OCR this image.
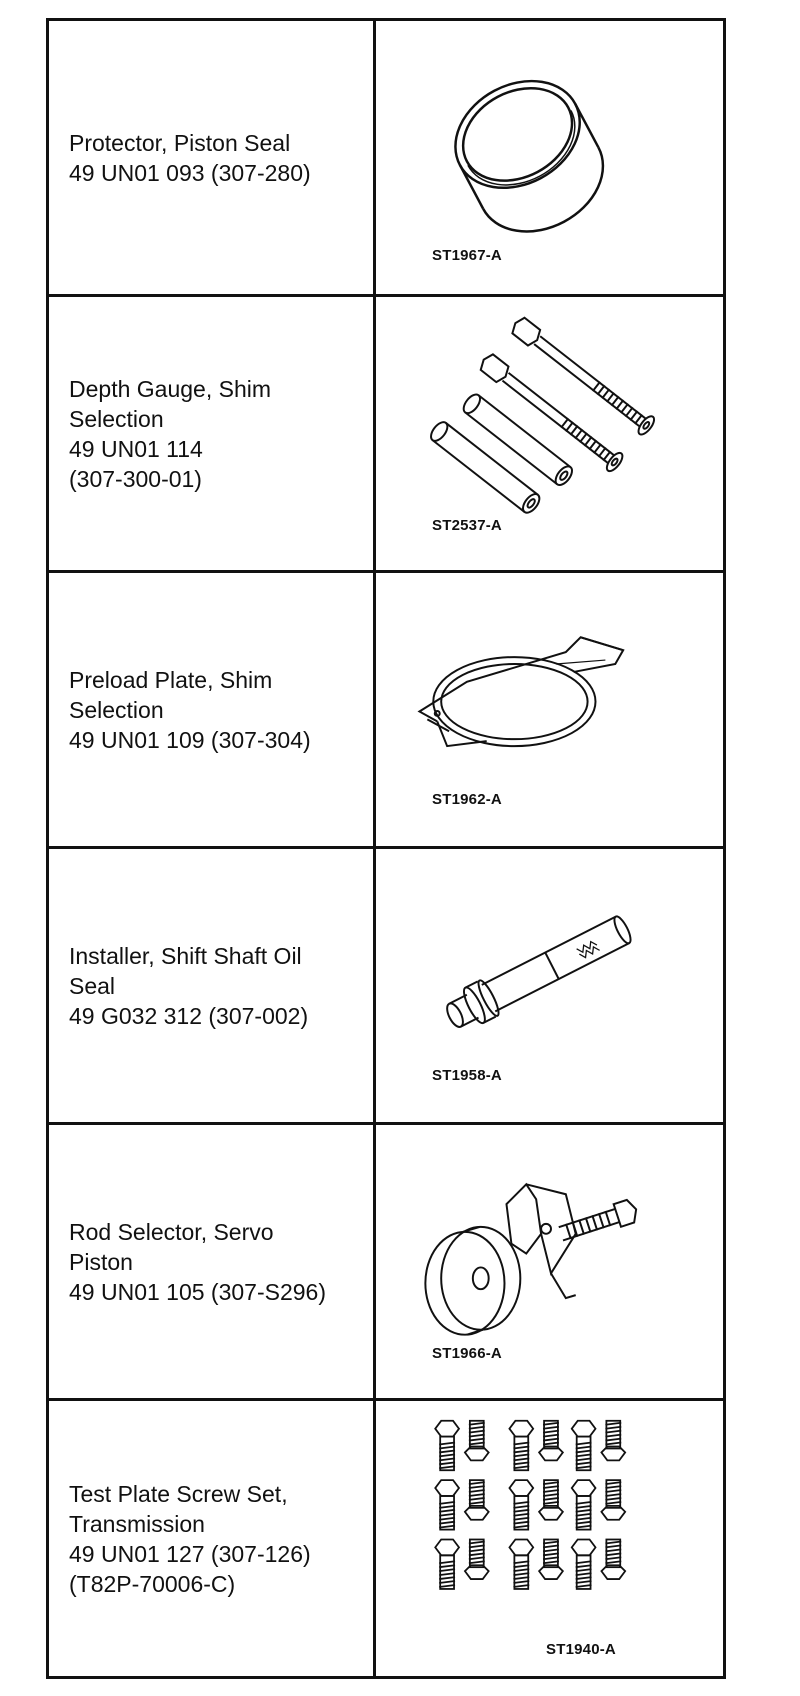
Protector, Piston Seal
49 UN01 093 (307-280)	ST1967-A

Depth Gauge, Shim
Selection
49 UN01 114
(307-300-01)	ST2537-A

Preload Plate, Shim
Selection
49 UN01 109 (307-304)	ST1962-A

Installer, Shift Shaft Oil
Seal
49 G032 312 (307-002)	ST1958-A

Rod Selector, Servo
Piston
49 UN01 105 (307-S296)	ST1966-A

Test Plate Screw Set,
Transmission
49 UN01 127 (307-126)
(T82P-70006-C)	ST1940-A
